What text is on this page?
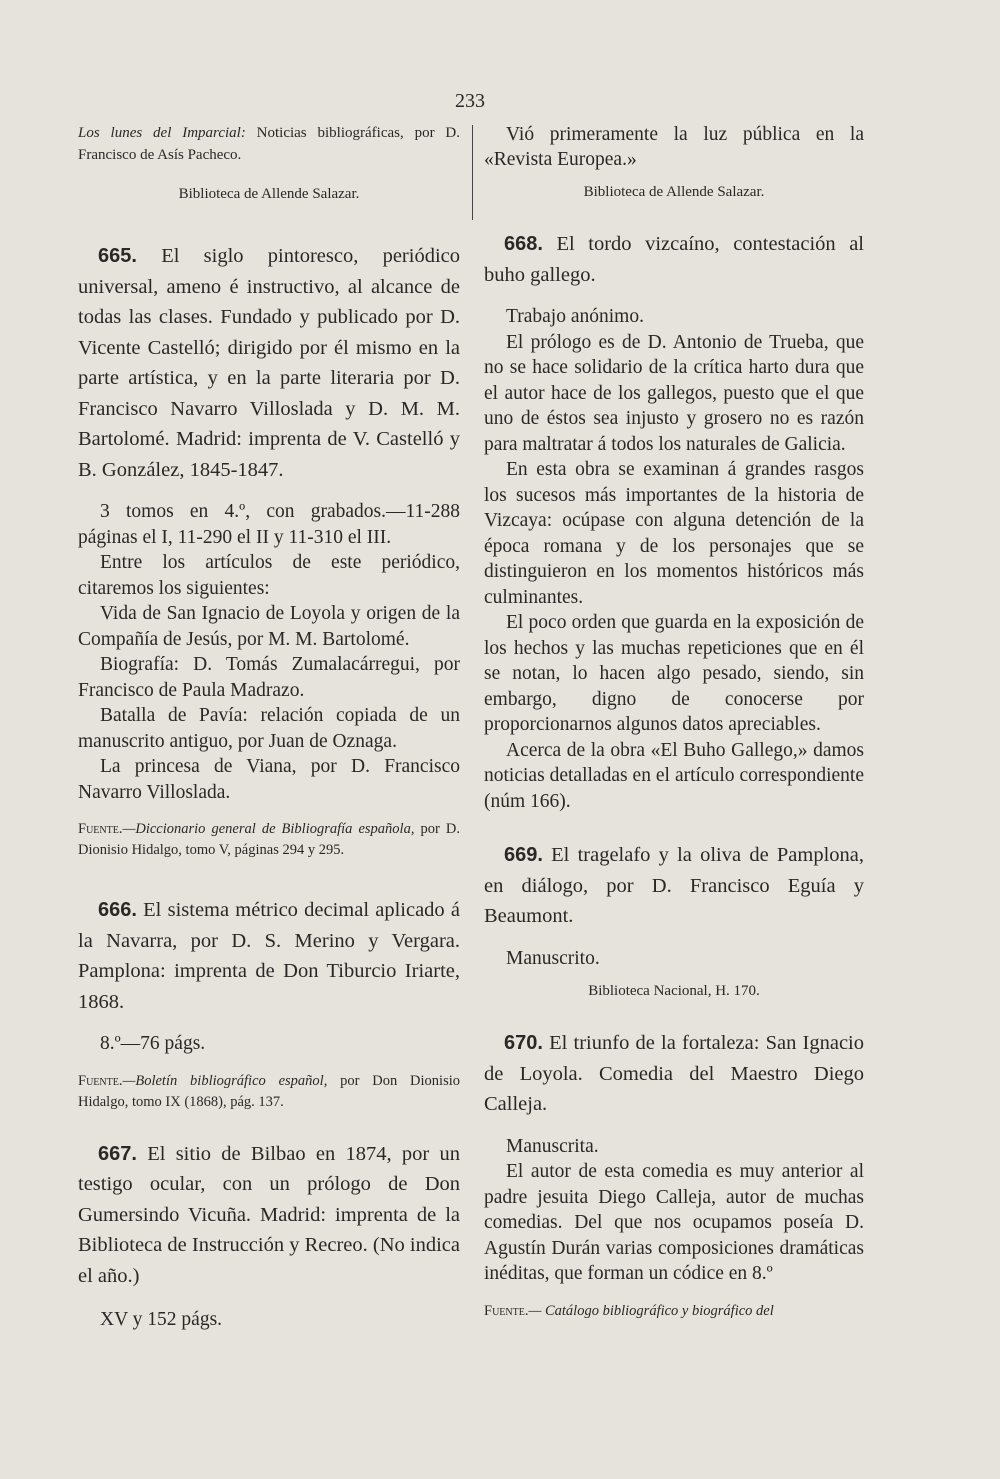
233

Los lunes del Imparcial: Noticias bibliográficas, por D. Francisco de Asís Pacheco.

Biblioteca de Allende Salazar.

665. El siglo pintoresco, periódico universal, ameno é instructivo, al alcance de todas las clases. Fundado y publicado por D. Vicente Castelló; dirigido por él mismo en la parte artística, y en la parte literaria por D. Francisco Navarro Villoslada y D. M. M. Bartolomé. Madrid: imprenta de V. Castelló y B. González, 1845-1847.

3 tomos en 4.º, con grabados.—11-288 páginas el I, 11-290 el II y 11-310 el III.

Entre los artículos de este periódico, citaremos los siguientes:

Vida de San Ignacio de Loyola y origen de la Compañía de Jesús, por M. M. Bartolomé.

Biografía: D. Tomás Zumalacárregui, por Francisco de Paula Madrazo.

Batalla de Pavía: relación copiada de un manuscrito antiguo, por Juan de Oznaga.

La princesa de Viana, por D. Francisco Navarro Villoslada.

Fuente.—Diccionario general de Bibliografía española, por D. Dionisio Hidalgo, tomo V, páginas 294 y 295.

666. El sistema métrico decimal aplicado á la Navarra, por D. S. Merino y Vergara. Pamplona: imprenta de Don Tiburcio Iriarte, 1868.

8.º—76 págs.

Fuente.—Boletín bibliográfico español, por Don Dionisio Hidalgo, tomo IX (1868), pág. 137.

667. El sitio de Bilbao en 1874, por un testigo ocular, con un prólogo de Don Gumersindo Vicuña. Madrid: imprenta de la Biblioteca de Instrucción y Recreo. (No indica el año.)

XV y 152 págs.

Vió primeramente la luz pública en la «Revista Europea.»

Biblioteca de Allende Salazar.

668. El tordo vizcaíno, contestación al buho gallego.

Trabajo anónimo.

El prólogo es de D. Antonio de Trueba, que no se hace solidario de la crítica harto dura que el autor hace de los gallegos, puesto que el que uno de éstos sea injusto y grosero no es razón para maltratar á todos los naturales de Galicia.

En esta obra se examinan á grandes rasgos los sucesos más importantes de la historia de Vizcaya: ocúpase con alguna detención de la época romana y de los personajes que se distinguieron en los momentos históricos más culminantes.

El poco orden que guarda en la exposición de los hechos y las muchas repeticiones que en él se notan, lo hacen algo pesado, siendo, sin embargo, digno de conocerse por proporcionarnos algunos datos apreciables.

Acerca de la obra «El Buho Gallego,» damos noticias detalladas en el artículo correspondiente (núm 166).

669. El tragelafo y la oliva de Pamplona, en diálogo, por D. Francisco Eguía y Beaumont.

Manuscrito.

Biblioteca Nacional, H. 170.

670. El triunfo de la fortaleza: San Ignacio de Loyola. Comedia del Maestro Diego Calleja.

Manuscrita.

El autor de esta comedia es muy anterior al padre jesuita Diego Calleja, autor de muchas comedias. Del que nos ocupamos poseía D. Agustín Durán varias composiciones dramáticas inéditas, que forman un códice en 8.º

Fuente.— Catálogo bibliográfico y biográfico del
